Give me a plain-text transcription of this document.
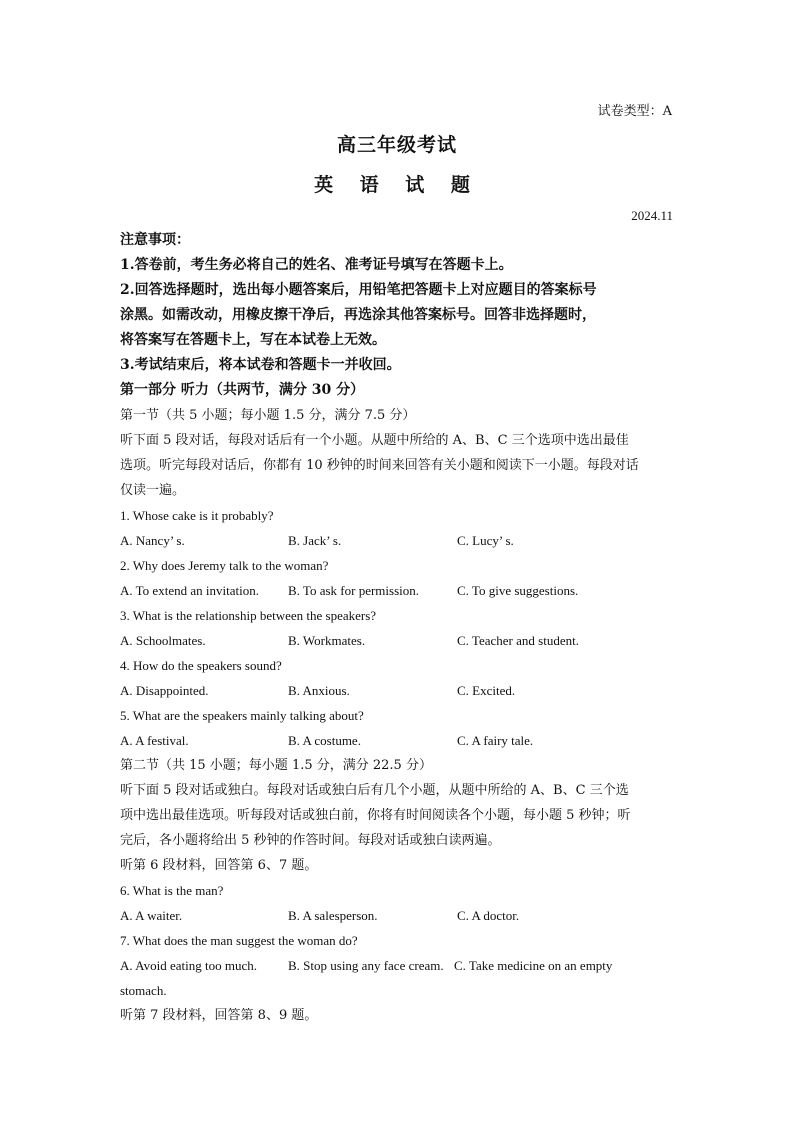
试卷类型：A
高三年级考试
英 语 试 题
2024.11
注意事项：
1.答卷前，考生务必将自己的姓名、准考证号填写在答题卡上。
2.回答选择题时，选出每小题答案后，用铅笔把答题卡上对应题目的答案标号
涂黑。如需改动，用橡皮擦干净后，再选涂其他答案标号。回答非选择题时，
将答案写在答题卡上，写在本试卷上无效。
3.考试结束后，将本试卷和答题卡一并收回。
第一部分 听力（共两节，满分 30 分）
第一节（共 5 小题；每小题 1.5 分，满分 7.5 分）
听下面 5 段对话，每段对话后有一个小题。从题中所给的 A、B、C 三个选项中选出最佳
选项。听完每段对话后，你都有 10 秒钟的时间来回答有关小题和阅读下一小题。每段对话
仅读一遍。
1. Whose cake is it probably?
A. Nancy’ s.	B. Jack’ s.	C. Lucy’ s.
2. Why does Jeremy talk to the woman?
A. To extend an invitation.	B. To ask for permission.	C. To give suggestions.
3. What is the relationship between the speakers?
A. Schoolmates.	B. Workmates.	C. Teacher and student.
4. How do the speakers sound?
A. Disappointed.	B. Anxious.	C. Excited.
5. What are the speakers mainly talking about?
A. A festival.	B. A costume.	C. A fairy tale.
第二节（共 15 小题；每小题 1.5 分，满分 22.5 分）
听下面 5 段对话或独白。每段对话或独白后有几个小题，从题中所给的 A、B、C 三个选
项中选出最佳选项。听每段对话或独白前，你将有时间阅读各个小题，每小题 5 秒钟；听
完后，各小题将给出 5 秒钟的作答时间。每段对话或独白读两遍。
听第 6 段材料，回答第 6、7 题。
6. What is the man?
A. A waiter.	B. A salesperson.	C. A doctor.
7. What does the man suggest the woman do?
A. Avoid eating too much.	B. Stop using any face cream. C. Take medicine on an empty
stomach.
听第 7 段材料，回答第 8、9 题。
